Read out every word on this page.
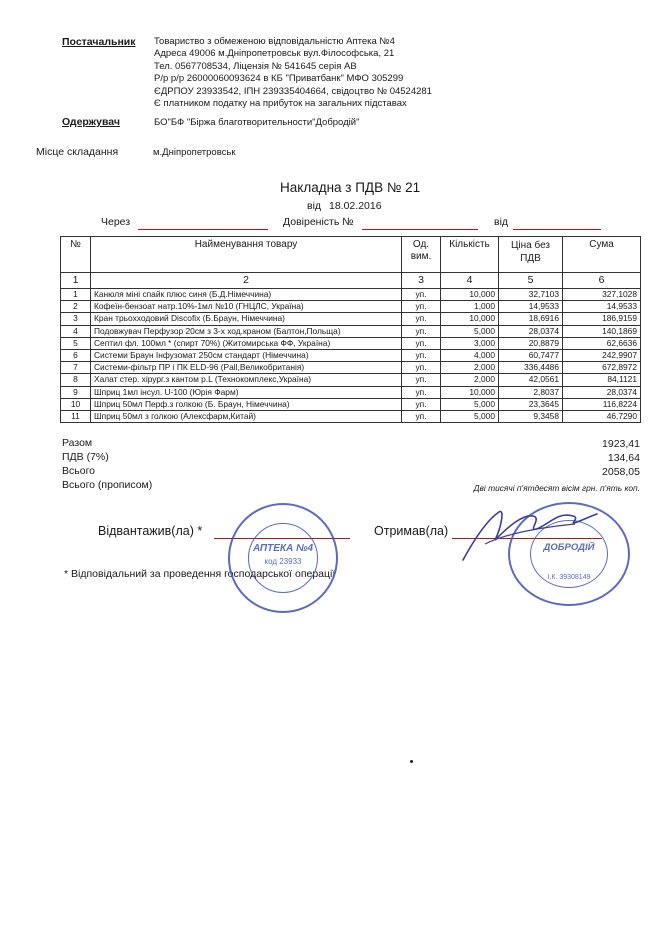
Постачальник Товариство з обмеженою відповідальністю Аптека №4
Адреса 49006 м.Дніпропетровськ вул.Філософська, 21
Тел. 0567708534, Ліцензія № 541645 серія АВ
Р/р р/р 26000060093624 в КБ "Приватбанк" МФО 305299
ЄДРПОУ 23933542, ІПН 239335404664, свідоцтво № 04524281
Є платником податку на прибуток на загальних підставах
Одержувач	БО"БФ "Біржа благотворительности"Добродій"
Місце складання	м.Дніпропетровськ
Накладна з ПДВ № 21
від 18.02.2016
Через	Довіреність №	від
№	Найменування товару	Од. вим.	Кількість	Ціна без ПДВ	Сума
1	2	3	4	5	6
1	Канюля міні спайк плюс синя (Б.Д.Німеччина)	уп.	10,000	32,7103	327,1028
2	Кофеїн-бензоат натр.10%-1мл №10 (ГНЦЛС, Україна)	уп.	1,000	14,9533	14,9533
3	Кран трьохходовий Discofix (Б.Браун, Німеччина)	уп.	10,000	18,6916	186,9159
4	Подовжувач Перфузор 20см з 3-х ход.краном (Балтон,Польща)	уп.	5,000	28,0374	140,1869
5	Септил фл. 100мл * (спирт 70%) (Житомирська ФФ, Україна)	уп.	3,000	20,8879	62,6636
6	Системи Браун Інфузомат 250см стандарт (Німеччина)	уп.	4,000	60,7477	242,9907
7	Системи-фільтр ПР і ПК ELD-96 (Pall,Великобританія)	уп.	2,000	336,4486	672,8972
8	Халат стер. хірург.з кантом р.L (Технокомплекс,Україна)	уп.	2,000	42,0561	84,1121
9	Шприц 1мл інсул. U-100 (Юрія Фарм)	уп.	10,000	2,8037	28,0374
10	Шприц 50мл Перф.з голкою (Б. Браун, Німеччина)	уп.	5,000	23,3645	116,8224
11	Шприц 50мл з голкою (Алексфарм,Китай)	уп.	5,000	9,3458	46,7290
Разом	1923,41
ПДВ (7%)	134,64
Всього	2058,05
Всього (прописом)	Дві тисячі п'ятдесят вісім грн. п'ять коп.
Відвантажив(ла) *	Отримав(ла)
* Відповідальний за проведення господарської операції
АПТЕКА №4
код 23933
ДОБРОДІЙ
І.К. 39308149
